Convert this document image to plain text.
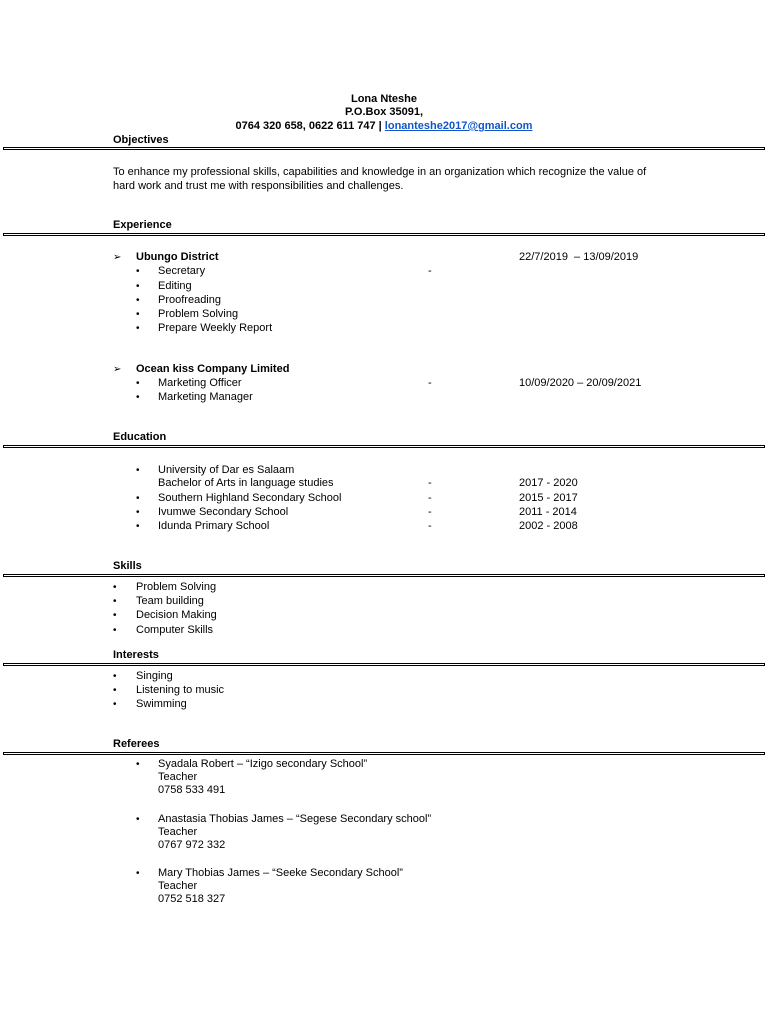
Lona Nteshe
P.O.Box 35091,
0764 320 658, 0622 611 747 | lonanteshe2017@gmail.com
Objectives
To enhance my professional skills, capabilities and knowledge in an organization which recognize the value of hard work and trust me with responsibilities and challenges.
Experience
➢ Ubungo District	22/7/2019  – 13/09/2019
• Secretary	-
• Editing
• Proofreading
• Problem Solving
• Prepare Weekly Report
➢ Ocean kiss Company Limited
• Marketing Officer	-	10/09/2020 – 20/09/2021
• Marketing Manager
Education
• University of Dar es Salaam
Bachelor of Arts in language studies	-	2017 - 2020
• Southern Highland Secondary School	-	2015 - 2017
• Ivumwe Secondary School	-	2011 - 2014
• Idunda Primary School	-	2002 - 2008
Skills
• Problem Solving
• Team building
• Decision Making
• Computer Skills
Interests
• Singing
• Listening to music
• Swimming
Referees
• Syadala Robert – “Izigo secondary School”
Teacher
0758 533 491
• Anastasia Thobias James – “Segese Secondary school”
Teacher
0767 972 332
• Mary Thobias James – “Seeke Secondary School”
Teacher
0752 518 327
